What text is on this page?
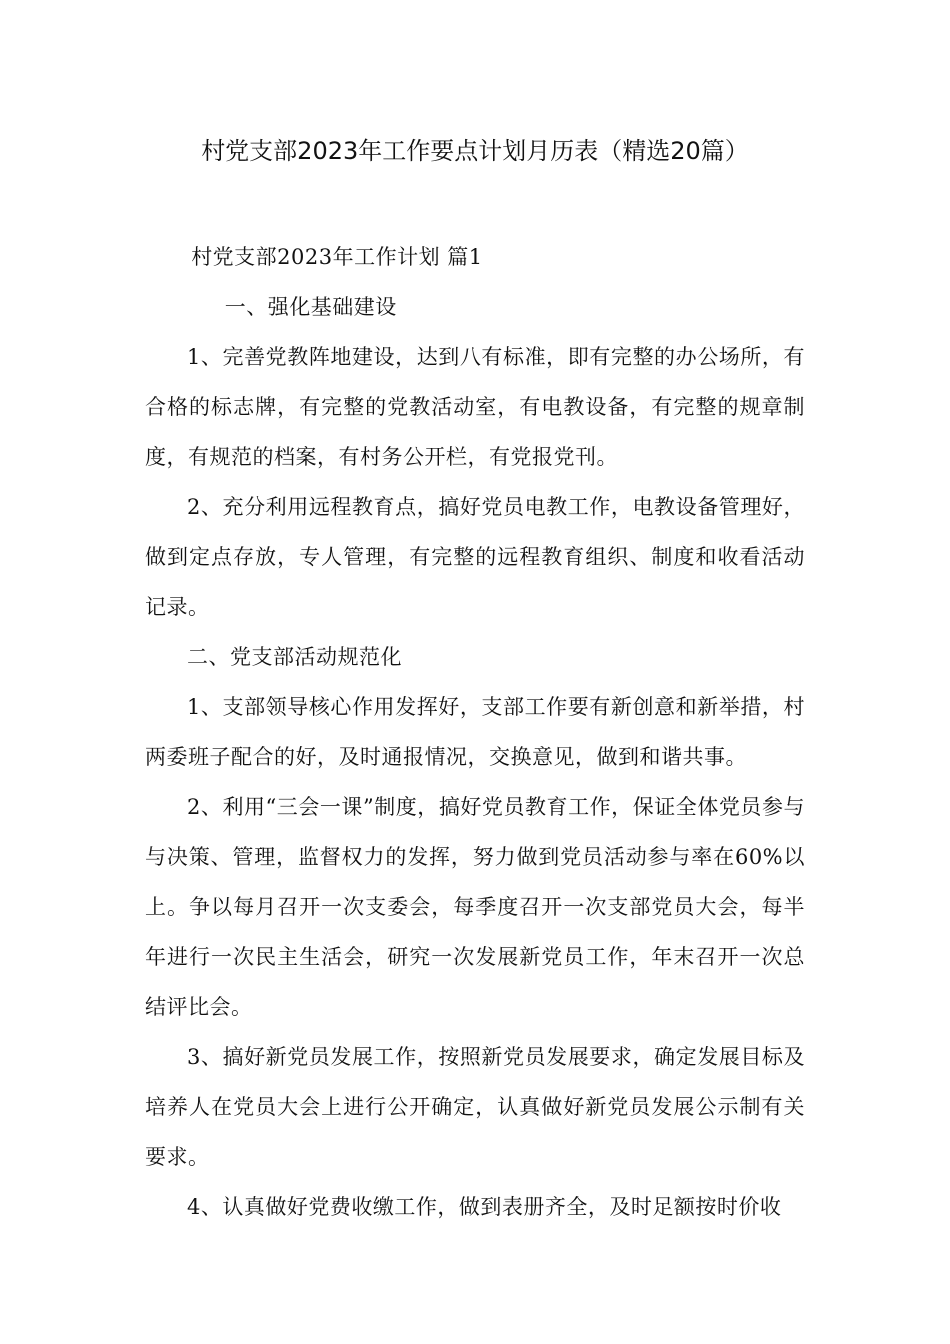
村党支部2023年工作要点计划月历表（精选20篇）

村党支部2023年工作计划 篇1

一、强化基础建设

1、完善党教阵地建设，达到八有标准，即有完整的办公场所，有合格的标志牌，有完整的党教活动室，有电教设备，有完整的规章制度，有规范的档案，有村务公开栏，有党报党刊。

2、充分利用远程教育点，搞好党员电教工作，电教设备管理好，做到定点存放，专人管理，有完整的远程教育组织、制度和收看活动记录。

二、党支部活动规范化

1、支部领导核心作用发挥好，支部工作要有新创意和新举措，村两委班子配合的好，及时通报情况，交换意见，做到和谐共事。

2、利用“三会一课”制度，搞好党员教育工作，保证全体党员参与与决策、管理，监督权力的发挥，努力做到党员活动参与率在60%以上。争以每月召开一次支委会，每季度召开一次支部党员大会，每半年进行一次民主生活会，研究一次发展新党员工作，年末召开一次总结评比会。

3、搞好新党员发展工作，按照新党员发展要求，确定发展目标及培养人在党员大会上进行公开确定，认真做好新党员发展公示制有关要求。

4、认真做好党费收缴工作，做到表册齐全，及时足额按时价收
